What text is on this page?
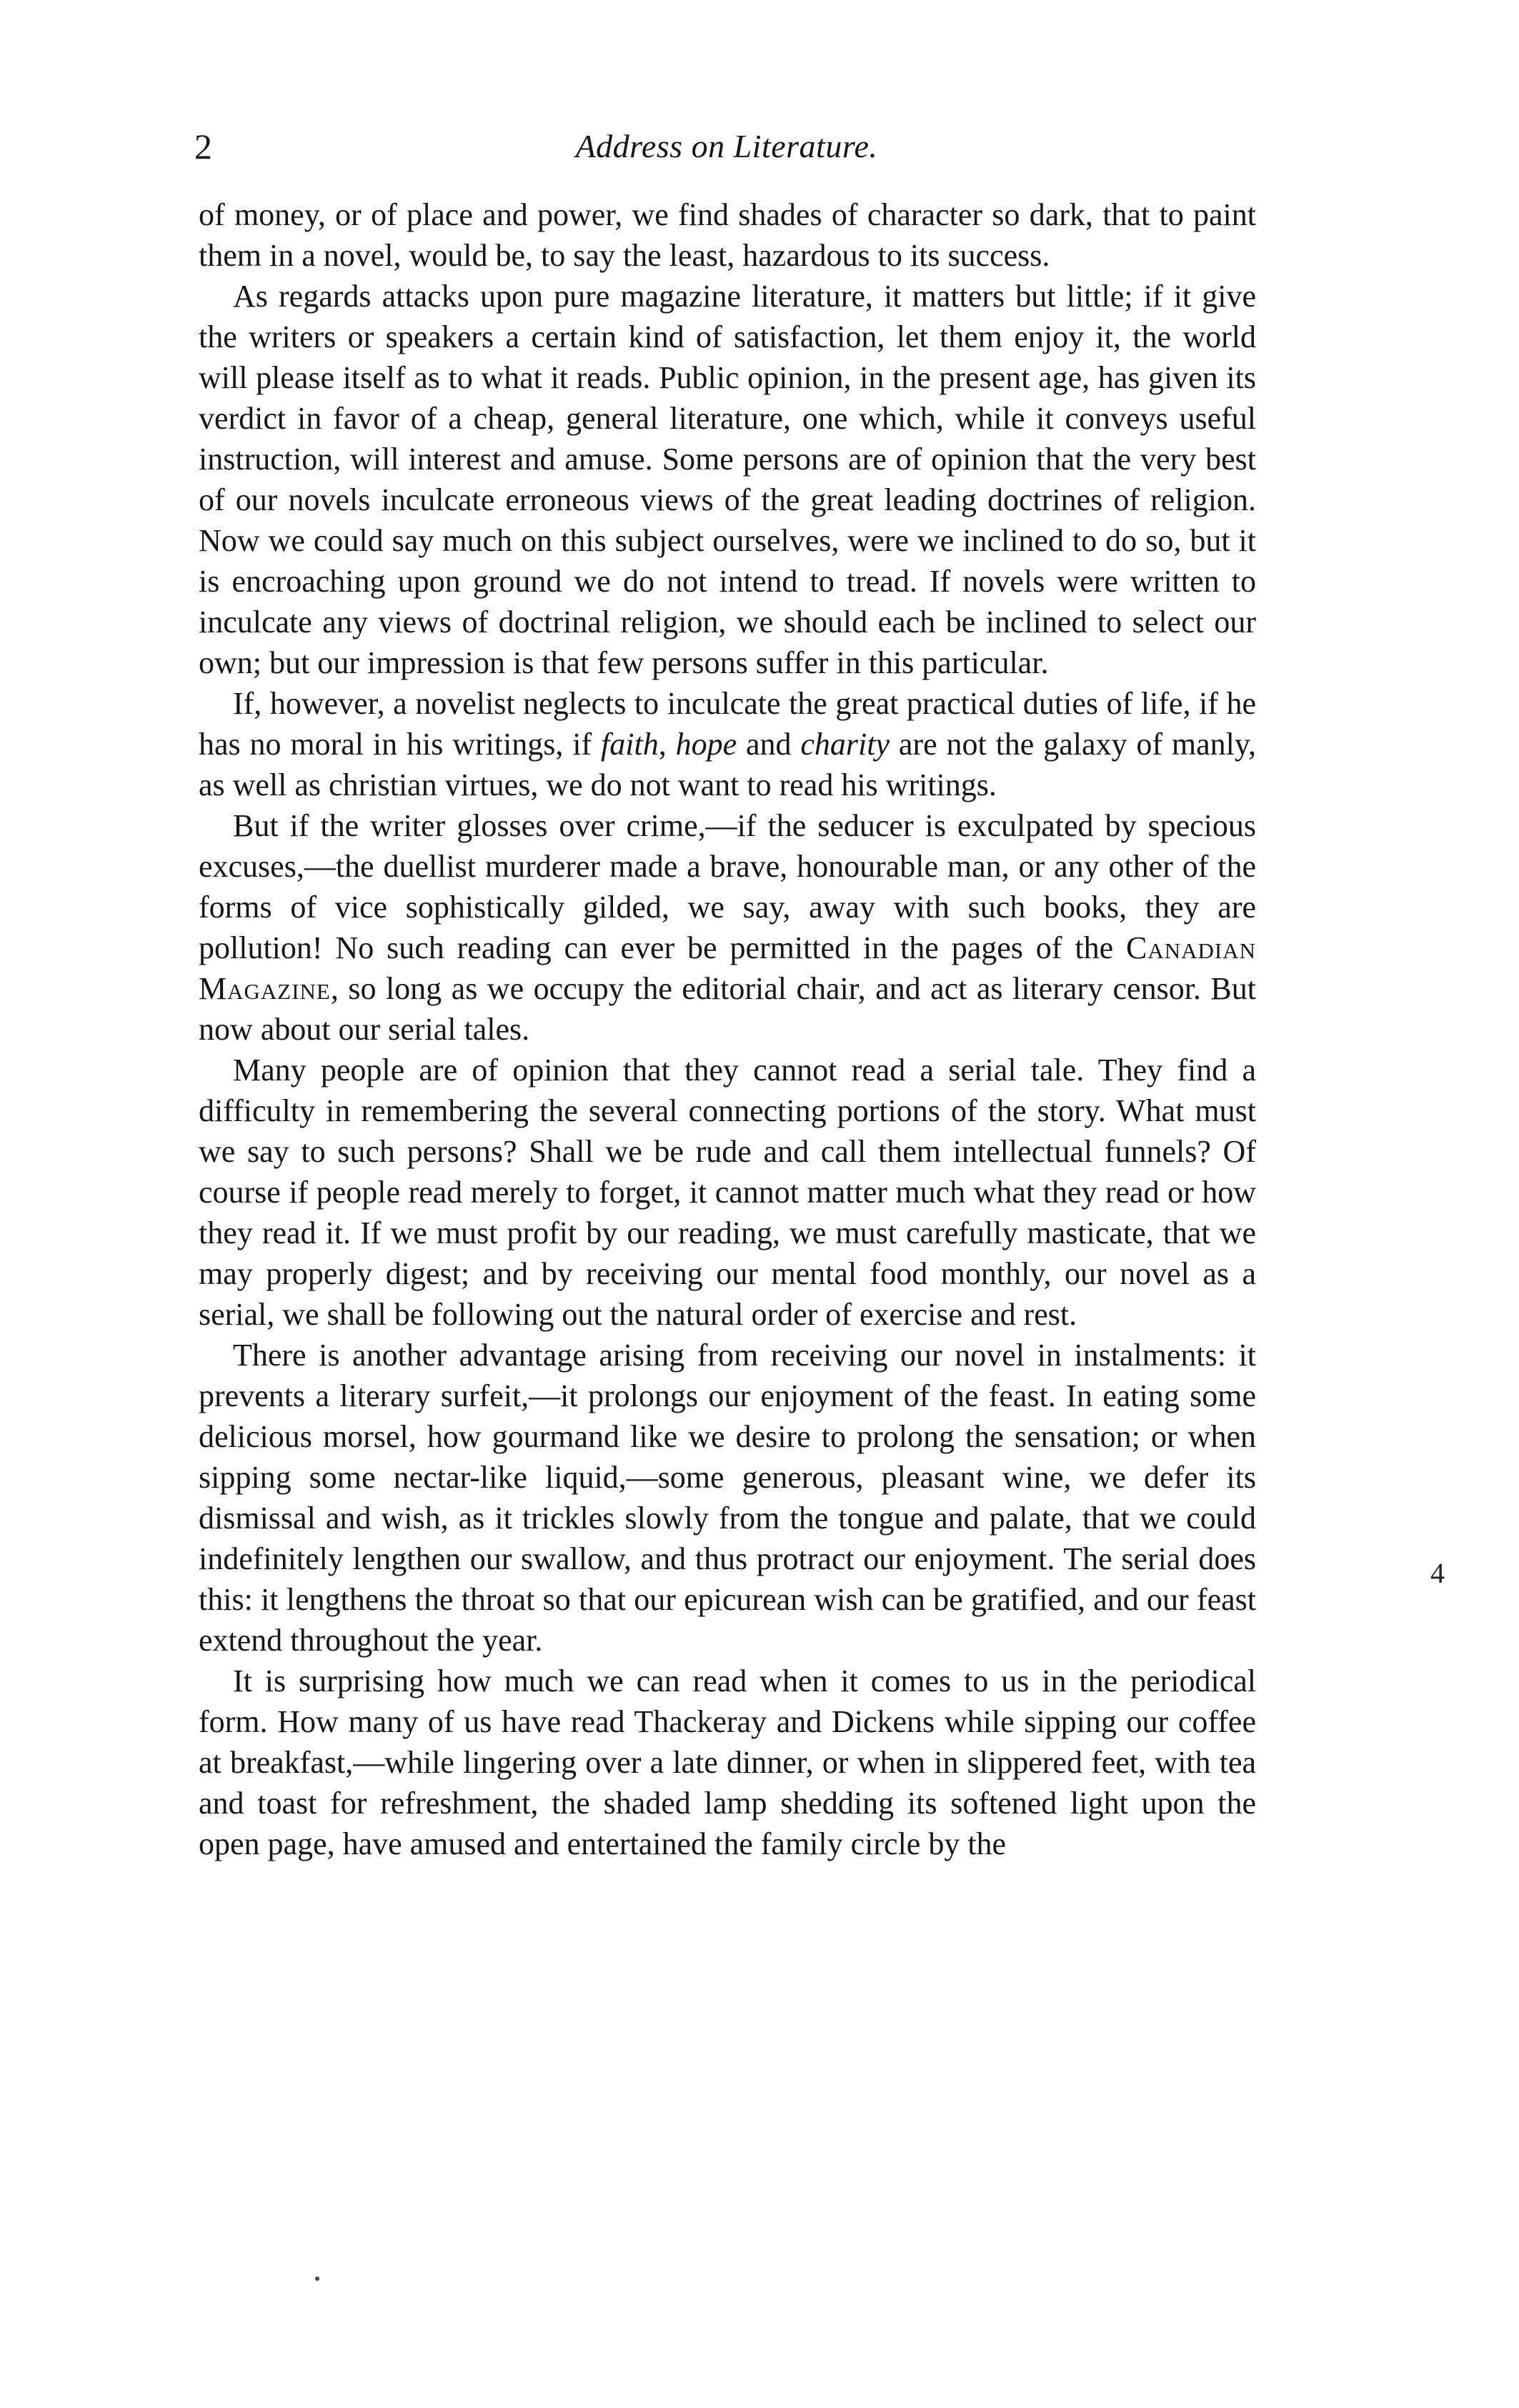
2	Address on Literature.

of money, or of place and power, we find shades of character so dark, that to paint them in a novel, would be, to say the least, hazardous to its success.

As regards attacks upon pure magazine literature, it matters but little; if it give the writers or speakers a certain kind of satisfaction, let them enjoy it, the world will please itself as to what it reads. Public opinion, in the present age, has given its verdict in favor of a cheap, general literature, one which, while it conveys useful instruction, will interest and amuse. Some persons are of opinion that the very best of our novels inculcate erroneous views of the great leading doctrines of religion. Now we could say much on this subject ourselves, were we inclined to do so, but it is encroaching upon ground we do not intend to tread. If novels were written to inculcate any views of doctrinal religion, we should each be inclined to select our own; but our impression is that few persons suffer in this particular.

If, however, a novelist neglects to inculcate the great practical duties of life, if he has no moral in his writings, if faith, hope and charity are not the galaxy of manly, as well as christian virtues, we do not want to read his writings.

But if the writer glosses over crime,—if the seducer is exculpated by specious excuses,—the duellist murderer made a brave, honourable man, or any other of the forms of vice sophistically gilded, we say, away with such books, they are pollution! No such reading can ever be permitted in the pages of the Canadian Magazine, so long as we occupy the editorial chair, and act as literary censor. But now about our serial tales.

Many people are of opinion that they cannot read a serial tale. They find a difficulty in remembering the several connecting portions of the story. What must we say to such persons? Shall we be rude and call them intellectual funnels? Of course if people read merely to forget, it cannot matter much what they read or how they read it. If we must profit by our reading, we must carefully masticate, that we may properly digest; and by receiving our mental food monthly, our novel as a serial, we shall be following out the natural order of exercise and rest.

There is another advantage arising from receiving our novel in instalments: it prevents a literary surfeit,—it prolongs our enjoyment of the feast. In eating some delicious morsel, how gourmand like we desire to prolong the sensation; or when sipping some nectar-like liquid,—some generous, pleasant wine, we defer its dismissal and wish, as it trickles slowly from the tongue and palate, that we could indefinitely lengthen our swallow, and thus protract our enjoyment. The serial does this: it lengthens the throat so that our epicurean wish can be gratified, and our feast extend throughout the year.

It is surprising how much we can read when it comes to us in the periodical form. How many of us have read Thackeray and Dickens while sipping our coffee at breakfast,—while lingering over a late dinner, or when in slippered feet, with tea and toast for refreshment, the shaded lamp shedding its softened light upon the open page, have amused and entertained the family circle by the

4
